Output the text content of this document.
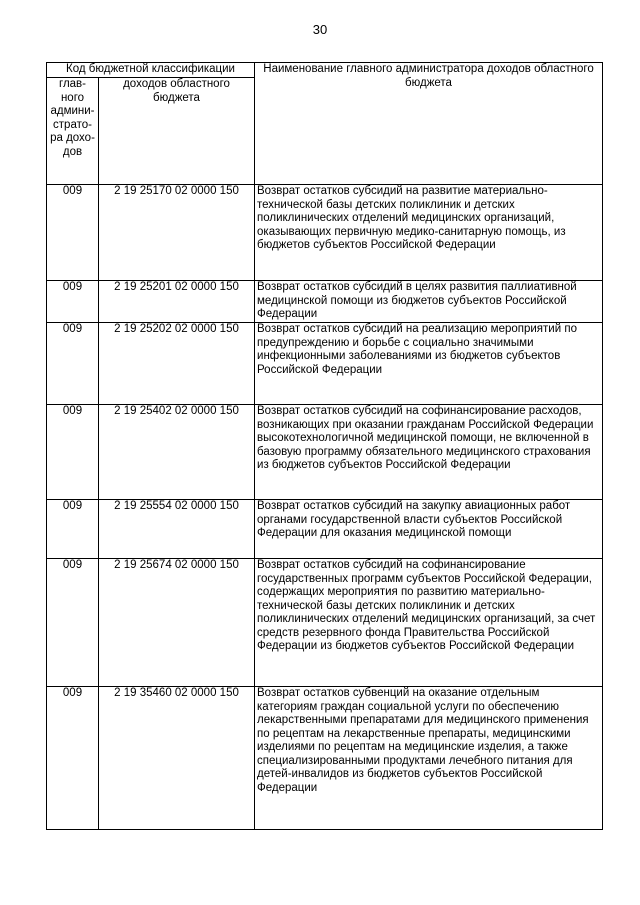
30
Код бюджетной классификации		Наименование главного администратора доходов областного бюджета
глав-ного админи-страто-ра дохо-дов	доходов областного бюджета	
009	2 19 25170 02 0000 150	Возврат остатков субсидий на развитие материально-технической базы детских поликлиник и детских поликлинических отделений медицинских организаций, оказывающих первичную медико-санитарную помощь, из бюджетов субъектов Российской Федерации
009	2 19 25201 02 0000 150	Возврат остатков субсидий в целях развития паллиативной медицинской помощи из бюджетов субъектов Российской Федерации
009	2 19 25202 02 0000 150	Возврат остатков субсидий на реализацию мероприятий по предупреждению и борьбе с социально значимыми инфекционными заболеваниями из бюджетов субъектов Российской Федерации
009	2 19 25402 02 0000 150	Возврат остатков субсидий на софинансирование расходов, возникающих при оказании гражданам Российской Федерации высокотехнологичной медицинской помощи, не включенной в базовую программу обязательного медицинского страхования из бюджетов субъектов Российской Федерации
009	2 19 25554 02 0000 150	Возврат остатков субсидий на закупку авиационных работ органами государственной власти субъектов Российской Федерации для оказания медицинской помощи
009	2 19 25674 02 0000 150	Возврат остатков субсидий на софинансирование государственных программ субъектов Российской Федерации, содержащих мероприятия по развитию материально-технической базы детских поликлиник и детских поликлинических отделений медицинских организаций, за счет средств резервного фонда Правительства Российской Федерации из бюджетов субъектов Российской Федерации
009	2 19 35460 02 0000 150	Возврат остатков субвенций на оказание отдельным категориям граждан социальной услуги по обеспечению лекарственными препаратами для медицинского применения по рецептам на лекарственные препараты, медицинскими изделиями по рецептам на медицинские изделия, а также специализированными продуктами лечебного питания для детей-инвалидов из бюджетов субъектов Российской Федерации
